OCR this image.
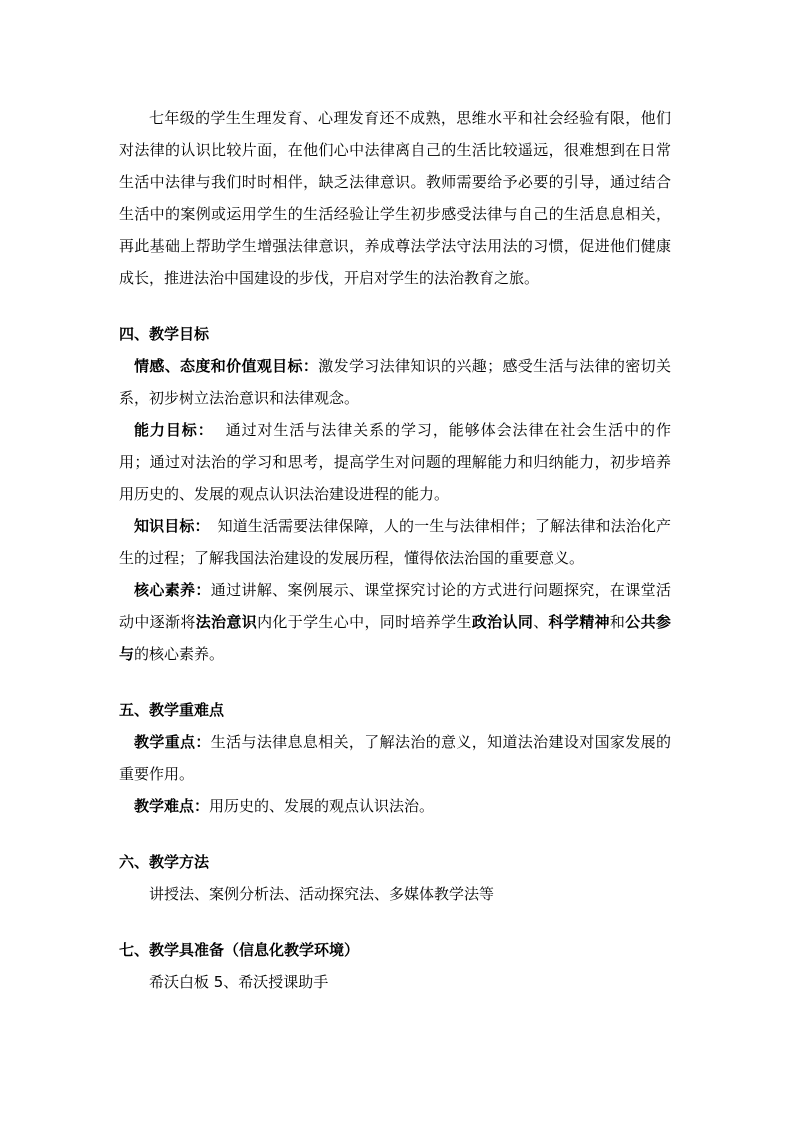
七年级的学生生理发育、心理发育还不成熟，思维水平和社会经验有限，他们对法律的认识比较片面，在他们心中法律离自己的生活比较遥远，很难想到在日常生活中法律与我们时时相伴，缺乏法律意识。教师需要给予必要的引导，通过结合生活中的案例或运用学生的生活经验让学生初步感受法律与自己的生活息息相关，再此基础上帮助学生增强法律意识，养成尊法学法守法用法的习惯，促进他们健康成长，推进法治中国建设的步伐，开启对学生的法治教育之旅。

四、教学目标

情感、态度和价值观目标：激发学习法律知识的兴趣；感受生活与法律的密切关系，初步树立法治意识和法律观念。

能力目标： 通过对生活与法律关系的学习，能够体会法律在社会生活中的作用；通过对法治的学习和思考，提高学生对问题的理解能力和归纳能力，初步培养用历史的、发展的观点认识法治建设进程的能力。

知识目标： 知道生活需要法律保障，人的一生与法律相伴；了解法律和法治化产生的过程；了解我国法治建设的发展历程，懂得依法治国的重要意义。

核心素养：通过讲解、案例展示、课堂探究讨论的方式进行问题探究，在课堂活动中逐渐将法治意识内化于学生心中，同时培养学生政治认同、科学精神和公共参与的核心素养。

五、教学重难点

教学重点：生活与法律息息相关，了解法治的意义，知道法治建设对国家发展的重要作用。

教学难点：用历史的、发展的观点认识法治。

六、教学方法

讲授法、案例分析法、活动探究法、多媒体教学法等

七、教学具准备（信息化教学环境）

希沃白板 5、希沃授课助手
